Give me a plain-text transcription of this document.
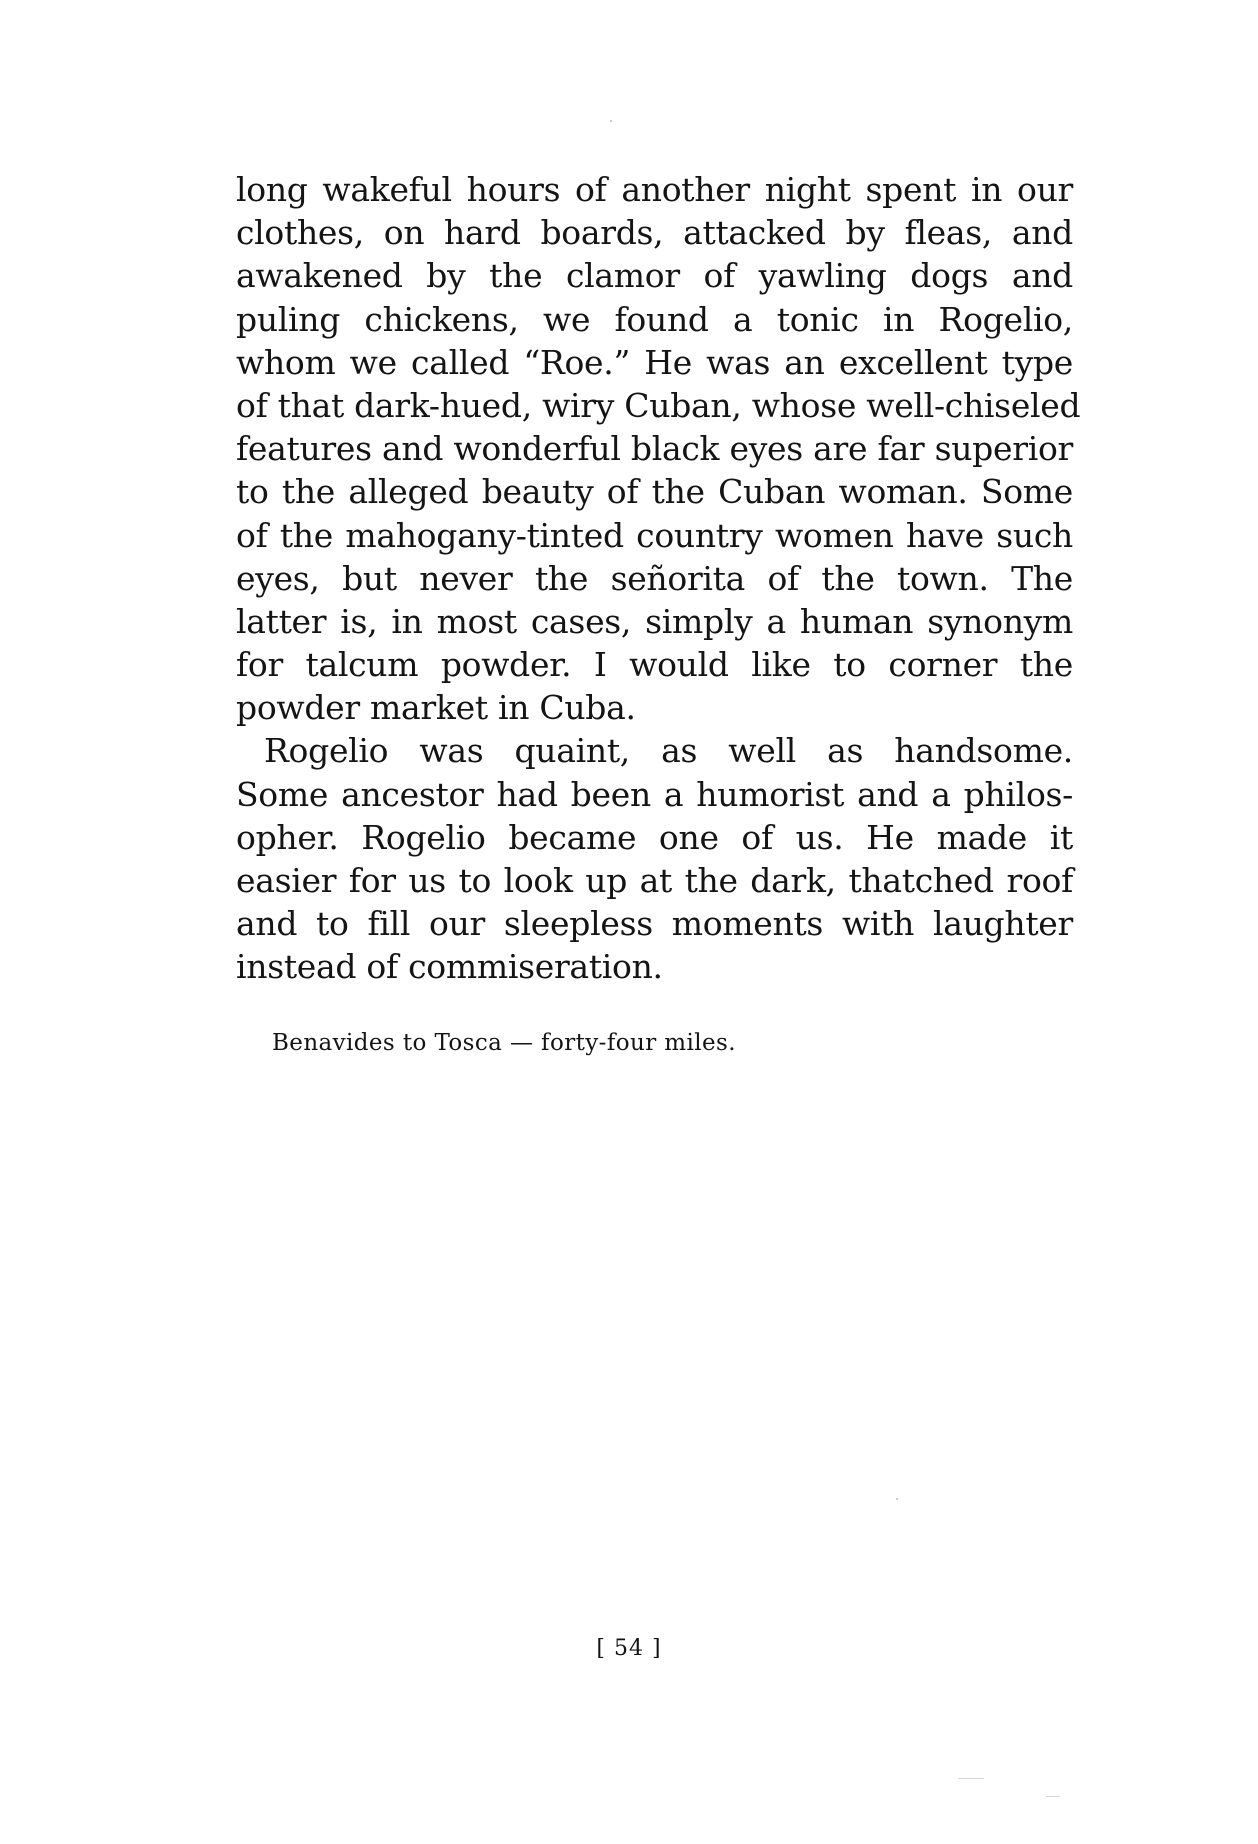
long wakeful hours of another night spent in our
clothes, on hard boards, attacked by fleas, and
awakened by the clamor of yawling dogs and
puling chickens, we found a tonic in Rogelio,
whom we called “Roe.” He was an excellent type
of that dark-hued, wiry Cuban, whose well-chiseled
features and wonderful black eyes are far superior
to the alleged beauty of the Cuban woman. Some
of the mahogany-tinted country women have such
eyes, but never the señorita of the town. The
latter is, in most cases, simply a human synonym
for talcum powder. I would like to corner the
powder market in Cuba.
Rogelio was quaint, as well as handsome.
Some ancestor had been a humorist and a philos-
opher. Rogelio became one of us. He made it
easier for us to look up at the dark, thatched roof
and to fill our sleepless moments with laughter
instead of commiseration.
Benavides to Tosca — forty-four miles.
[ 54 ]
